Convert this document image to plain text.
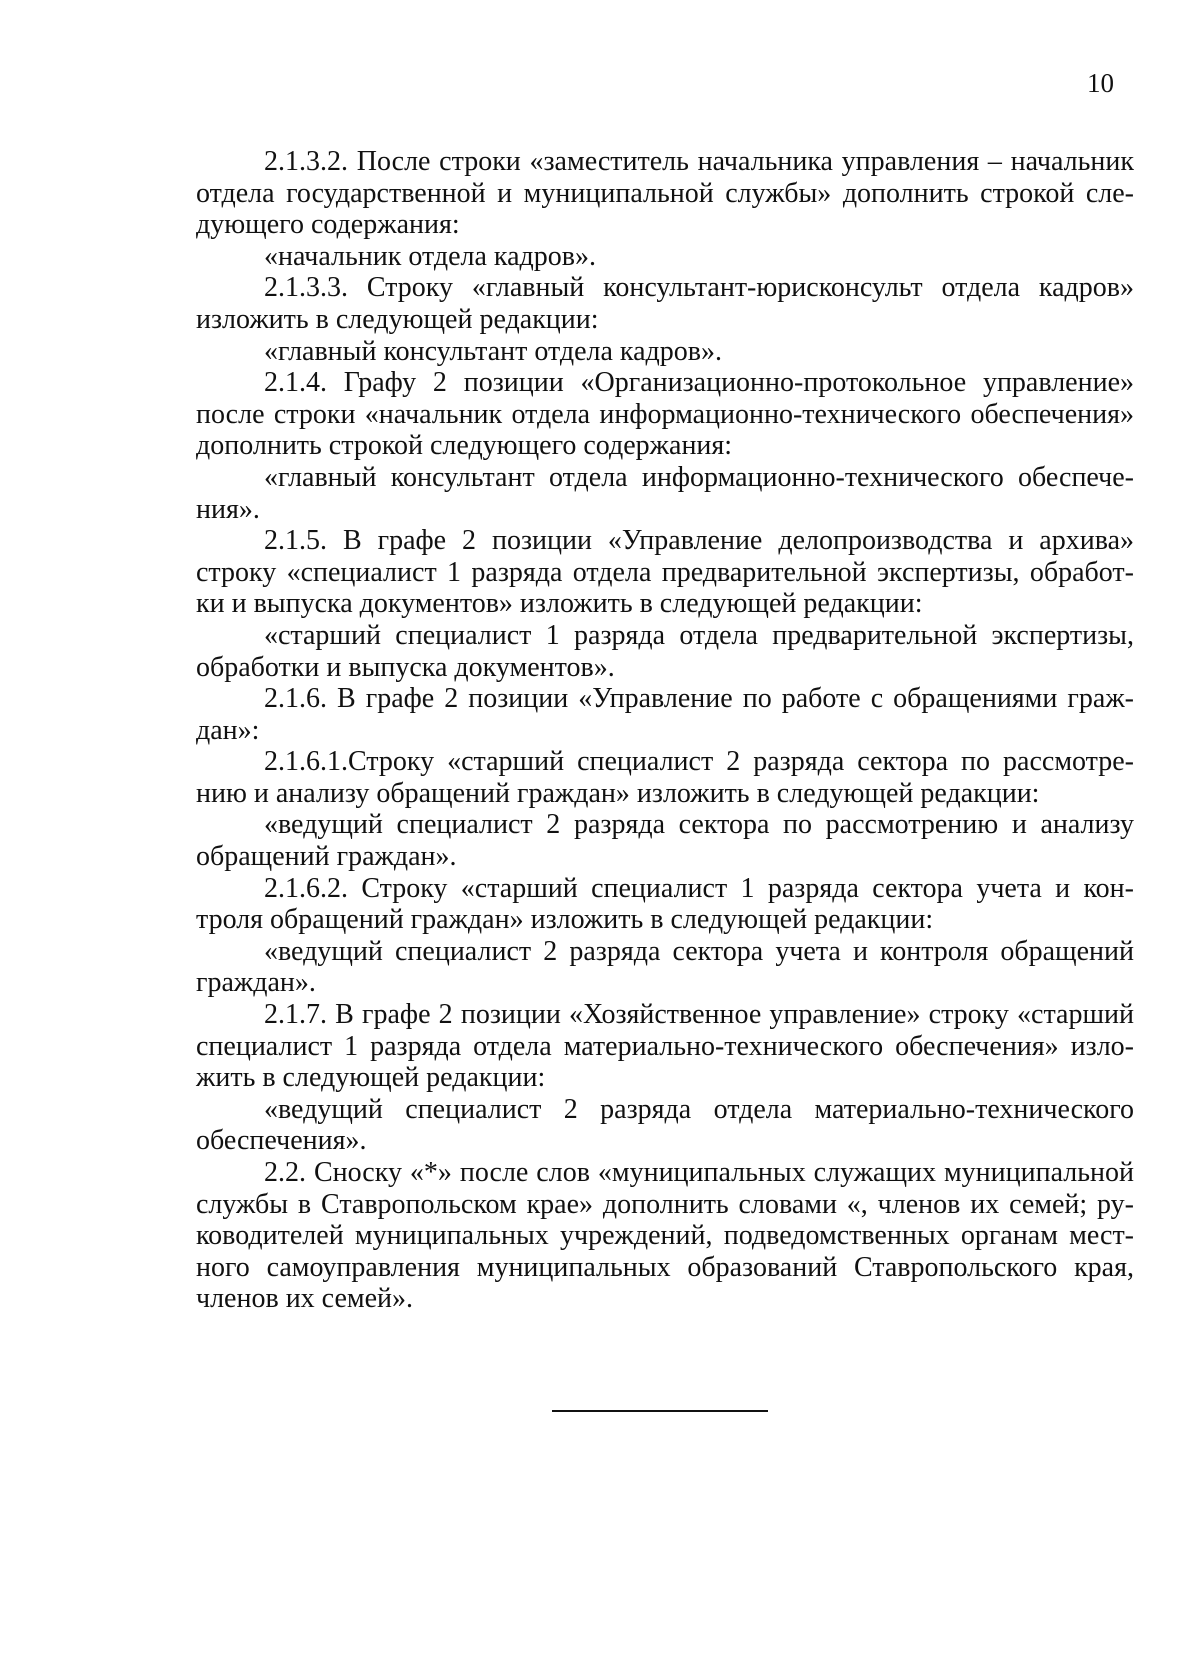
10

2.1.3.2. После строки «заместитель начальника управления – начальник отдела государственной и муниципальной службы» дополнить строкой сле-дующего содержания:

«начальник отдела кадров».

2.1.3.3. Строку «главный консультант-юрисконсульт отдела кадров» изложить в следующей редакции:

«главный консультант отдела кадров».

2.1.4. Графу 2 позиции «Организационно-протокольное управление» после строки «начальник отдела информационно-технического обеспечения» дополнить строкой следующего содержания:

«главный консультант отдела информационно-технического обеспече-ния».

2.1.5. В графе 2 позиции «Управление делопроизводства и архива» строку «специалист 1 разряда отдела предварительной экспертизы, обработ-ки и выпуска документов» изложить в следующей редакции:

«старший специалист 1 разряда отдела предварительной экспертизы, обработки и выпуска документов».

2.1.6. В графе 2 позиции «Управление по работе с обращениями граж-дан»:

2.1.6.1.Строку «старший специалист 2 разряда сектора по рассмотре-нию и анализу обращений граждан» изложить в следующей редакции:

«ведущий специалист 2 разряда сектора по рассмотрению и анализу обращений граждан».

2.1.6.2. Строку «старший специалист 1 разряда сектора учета и кон-троля обращений граждан» изложить в следующей редакции:

«ведущий специалист 2 разряда сектора учета и контроля обращений граждан».

2.1.7. В графе 2 позиции «Хозяйственное управление» строку «старший специалист 1 разряда отдела материально-технического обеспечения» изло-жить в следующей редакции:

«ведущий специалист 2 разряда отдела материально-технического обеспечения».

2.2. Сноску «*» после слов «муниципальных служащих муниципальной службы в Ставропольском крае» дополнить словами «, членов их семей; ру-ководителей муниципальных учреждений, подведомственных органам мест-ного самоуправления муниципальных образований Ставропольского края, членов их семей».
